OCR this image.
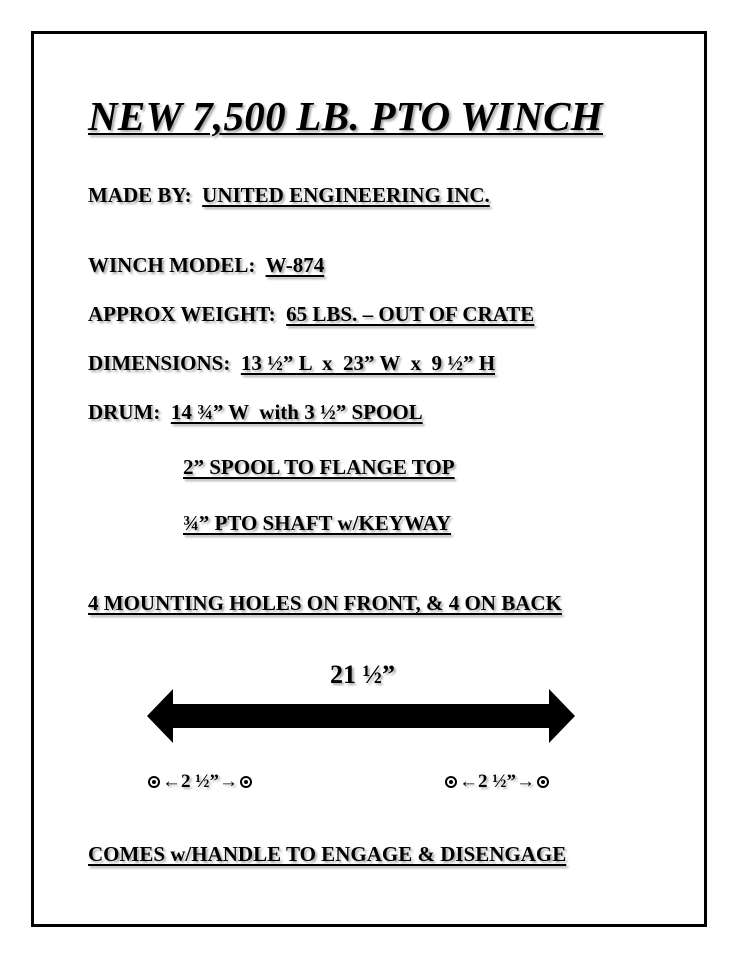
NEW 7,500 LB. PTO WINCH
MADE BY: UNITED ENGINEERING INC.
WINCH MODEL: W-874
APPROX WEIGHT: 65 LBS. – OUT OF CRATE
DIMENSIONS: 13 ½” L  x  23” W  x  9 ½” H
DRUM: 14 ¾” W  with 3 ½” SPOOL
2” SPOOL TO FLANGE TOP
¾” PTO SHAFT w/KEYWAY
4 MOUNTING HOLES ON FRONT, & 4 ON BACK
21 ½”
←2 ½”→	←2 ½”→
COMES w/HANDLE TO ENGAGE & DISENGAGE
